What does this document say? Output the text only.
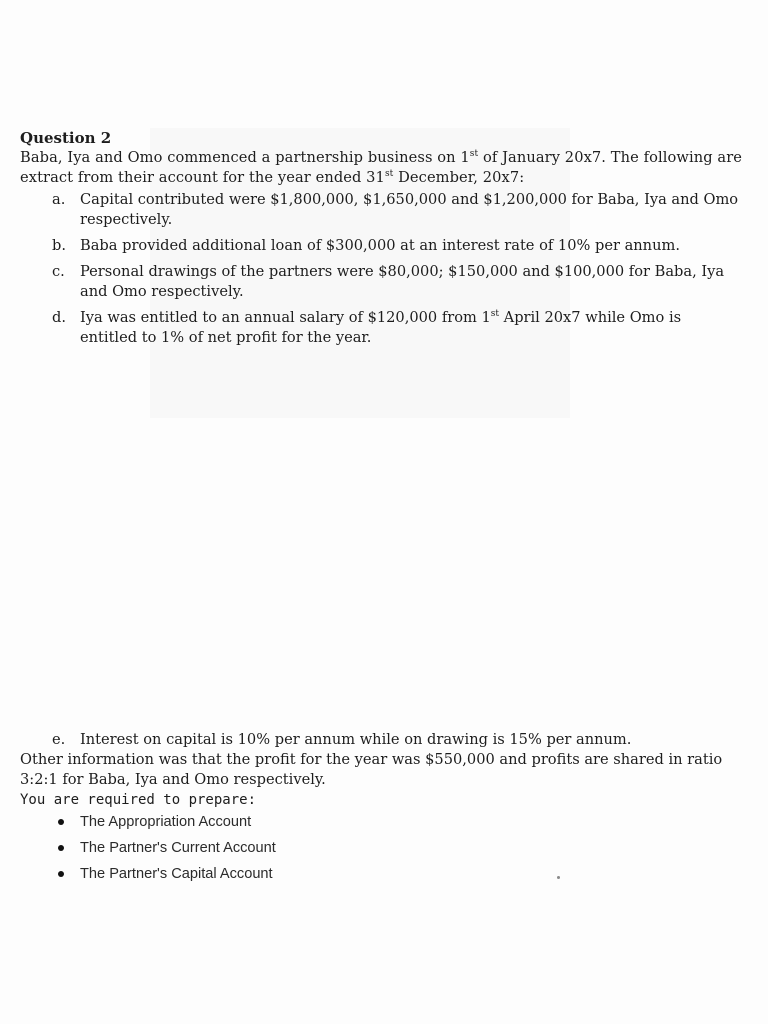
Question 2

Baba, Iya and Omo commenced a partnership business on 1st of January 20x7. The following are extract from their account for the year ended 31st December, 20x7:

a. Capital contributed were $1,800,000, $1,650,000 and $1,200,000 for Baba, Iya and Omo respectively.
b. Baba provided additional loan of $300,000 at an interest rate of 10% per annum.
c. Personal drawings of the partners were $80,000; $150,000 and $100,000 for Baba, Iya and Omo respectively.
d. Iya was entitled to an annual salary of $120,000 from 1st April 20x7 while Omo is entitled to 1% of net profit for the year.

e. Interest on capital is 10% per annum while on drawing is 15% per annum.

Other information was that the profit for the year was $550,000 and profits are shared in ratio 3:2:1 for Baba, Iya and Omo respectively.

You are required to prepare:

The Appropriation Account
The Partner's Current Account
The Partner's Capital Account
